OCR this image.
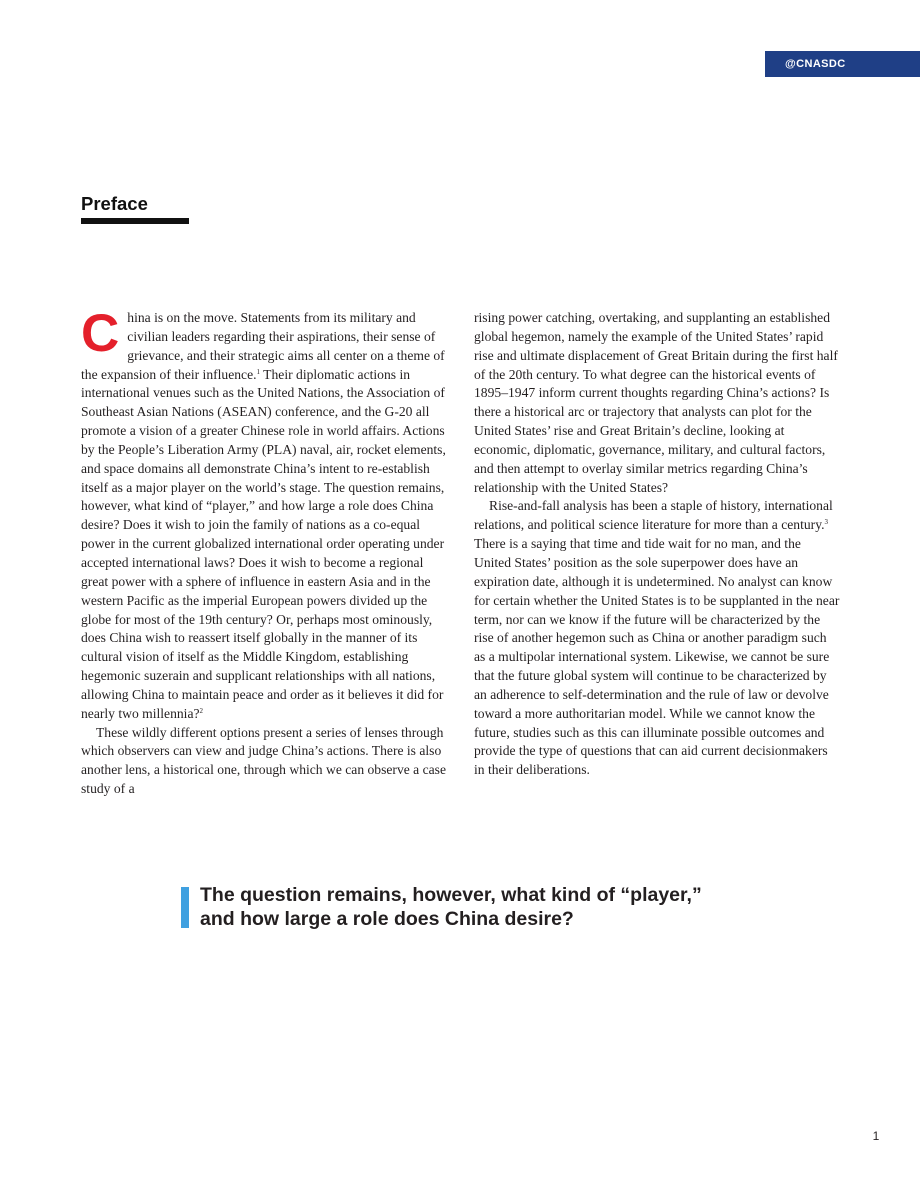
@CNASDC
Preface

China is on the move. Statements from its military and civilian leaders regarding their aspirations, their sense of grievance, and their strategic aims all center on a theme of the expansion of their influence.$^1$ Their diplomatic actions in international venues such as the United Nations, the Association of Southeast Asian Nations (ASEAN) conference, and the G-20 all promote a vision of a greater Chinese role in world affairs. Actions by the People’s Liberation Army (PLA) naval, air, rocket elements, and space domains all demonstrate China’s intent to re-establish itself as a major player on the world’s stage. The question remains, however, what kind of “player,” and how large a role does China desire? Does it wish to join the family of nations as a co-equal power in the current globalized international order operating under accepted international laws? Does it wish to become a regional great power with a sphere of influence in eastern Asia and in the western Pacific as the imperial European powers divided up the globe for most of the 19th century? Or, perhaps most ominously, does China wish to reassert itself globally in the manner of its cultural vision of itself as the Middle Kingdom, establishing hegemonic suzerain and supplicant relationships with all nations, allowing China to maintain peace and order as it believes it did for nearly two millennia?$^2$

These wildly different options present a series of lenses through which observers can view and judge China’s actions. There is also another lens, a historical one, through which we can observe a case study of a

rising power catching, overtaking, and supplanting an established global hegemon, namely the example of the United States’ rapid rise and ultimate displacement of Great Britain during the first half of the 20th century. To what degree can the historical events of 1895–1947 inform current thoughts regarding China’s actions? Is there a historical arc or trajectory that analysts can plot for the United States’ rise and Great Britain’s decline, looking at economic, diplomatic, governance, military, and cultural factors, and then attempt to overlay similar metrics regarding China’s relationship with the United States?

Rise-and-fall analysis has been a staple of history, international relations, and political science literature for more than a century.$^3$ There is a saying that time and tide wait for no man, and the United States’ position as the sole superpower does have an expiration date, although it is undetermined. No analyst can know for certain whether the United States is to be supplanted in the near term, nor can we know if the future will be characterized by the rise of another hegemon such as China or another paradigm such as a multipolar international system. Likewise, we cannot be sure that the future global system will continue to be characterized by an adherence to self-determination and the rule of law or devolve toward a more authoritarian model. While we cannot know the future, studies such as this can illuminate possible outcomes and provide the type of questions that can aid current decisionmakers in their deliberations.

The question remains, however, what kind of “player,”
and how large a role does China desire?

1
